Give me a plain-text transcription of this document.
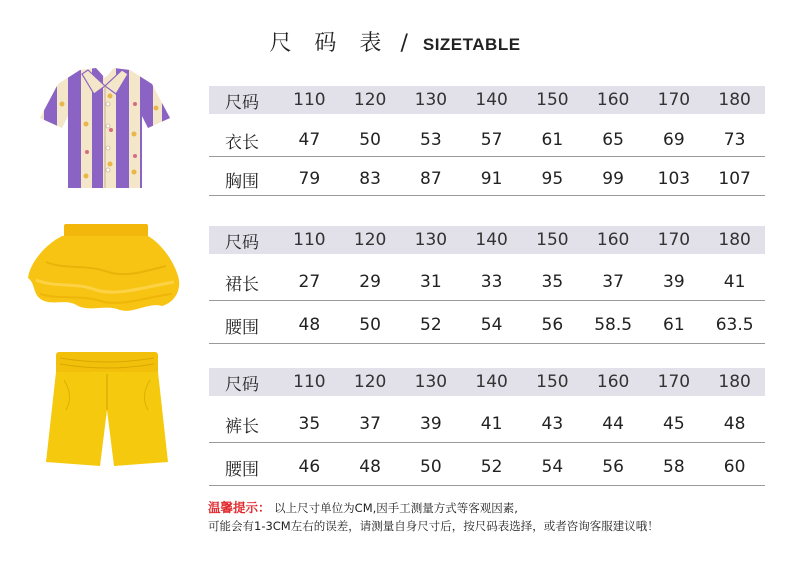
尺 码 表 / SIZETABLE
尺码	110	120	130	140	150	160	170	180
衣长	47	50	53	57	61	65	69	73
胸围	79	83	87	91	95	99	103	107
尺码	110	120	130	140	150	160	170	180
裙长	27	29	31	33	35	37	39	41
腰围	48	50	52	54	56	58.5	61	63.5
尺码	110	120	130	140	150	160	170	180
裤长	35	37	39	41	43	44	45	48
腰围	46	48	50	52	54	56	58	60
温馨提示： 以上尺寸单位为CM,因手工测量方式等客观因素,
可能会有1-3CM左右的误差，请测量自身尺寸后，按尺码表选择，或者咨询客服建议哦！
